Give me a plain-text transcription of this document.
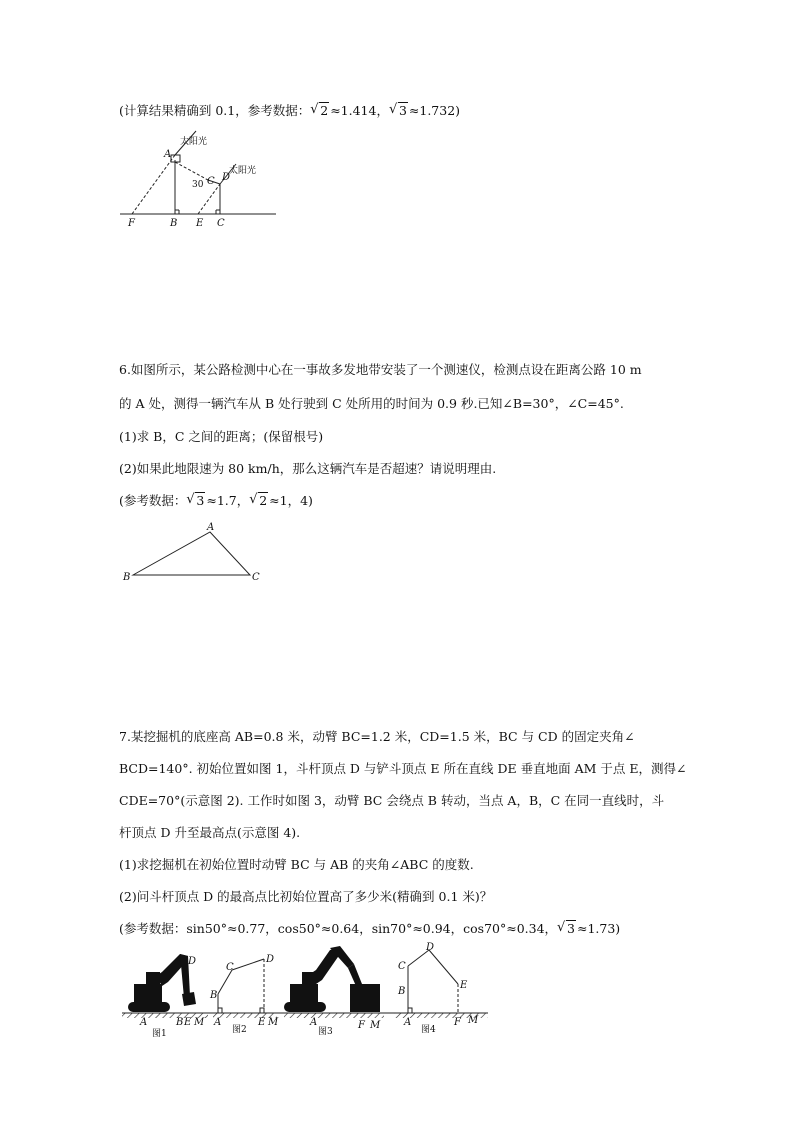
(计算结果精确到 0.1，参考数据： √ 2 ≈1.414， √ 3 ≈1.732)
A
B	C
C D
E
F
30
太阳光
太阳光
6.如图所示，某公路检测中心在一事故多发地带安装了一个测速仪，检测点设在距离公路 10 m
的 A 处，测得一辆汽车从 B 处行驶到 C 处所用的时间为 0.9 秒.已知∠B=30°，∠C=45°.
(1)求 B，C 之间的距离；(保留根号)
(2)如果此地限速为 80 km/h，那么这辆汽车是否超速？请说明理由.
(参考数据： √ 3 ≈1.7， √ 2 ≈1，4)
A
B	C
7.某挖掘机的底座高 AB=0.8 米，动臂 BC=1.2 米，CD=1.5 米，BC 与 CD 的固定夹角∠
BCD=140°. 初始位置如图 1，斗杆顶点 D 与铲斗顶点 E 所在直线 DE 垂直地面 AM 于点 E，测得∠
CDE=70°(示意图 2). 工作时如图 3，动臂 BC 会绕点 B 转动，当点 A，B，C 在同一直线时，斗
杆顶点 D 升至最高点(示意图 4).
(1)求挖掘机在初始位置时动臂 BC 与 AB 的夹角∠ABC 的度数.
(2)问斗杆顶点 D 的最高点比初始位置高了多少米(精确到 0.1 米)？
(参考数据：sin50°≈0.77，cos50°≈0.64，sin70°≈0.94，cos70°≈0.34， √ 3 ≈1.73)
D
A	B E M
C
D
B
A	E M	A	F M
D
C
B
E
A	F M
图1	图2	图3	图4
